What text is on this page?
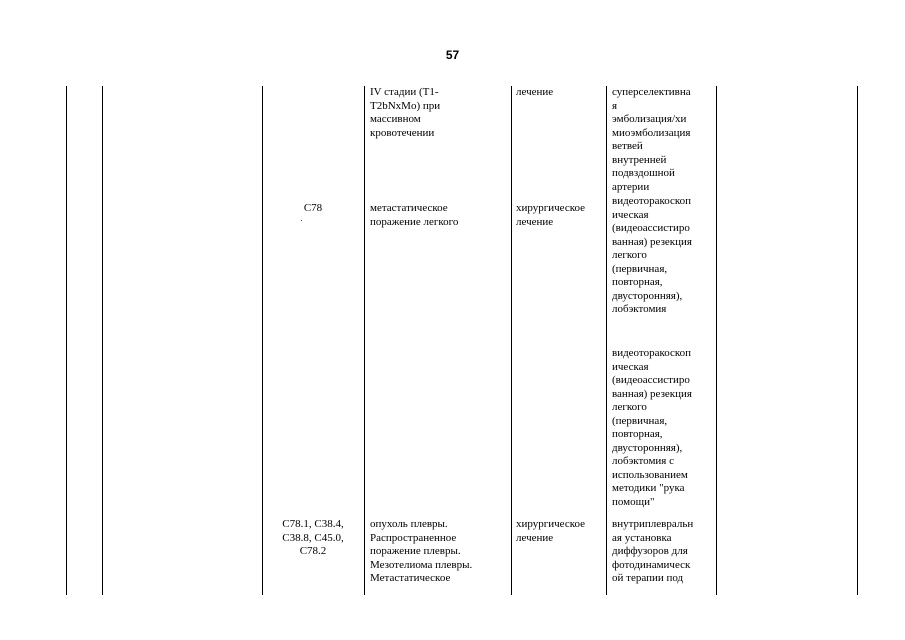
57
IV стадии (T1-
T2bNxMo) при
массивном
кровотечении
лечение	суперселективна
я
эмболизация/хи
миоэмболизация
ветвей
внутренней
подвздошной
артерии
C78	метастатическое
поражение легкого
хирургическое
лечение
видеоторакоскоп
ическая
(видеоассистиро
ванная) резекция
легкого
(первичная,
повторная,
двусторонняя),
лобэктомия
видеоторакоскоп
ическая
(видеоассистиро
ванная) резекция
легкого
(первичная,
повторная,
двусторонняя),
лобэктомия с
использованием
методики "рука
помощи"
C78.1, C38.4,
C38.8, C45.0,
C78.2
опухоль плевры.
Распространенное
поражение плевры.
Мезотелиома плевры.
Метастатическое
хирургическое
лечение
внутриплевральн
ая установка
диффузоров для
фотодинамическ
ой терапии под
